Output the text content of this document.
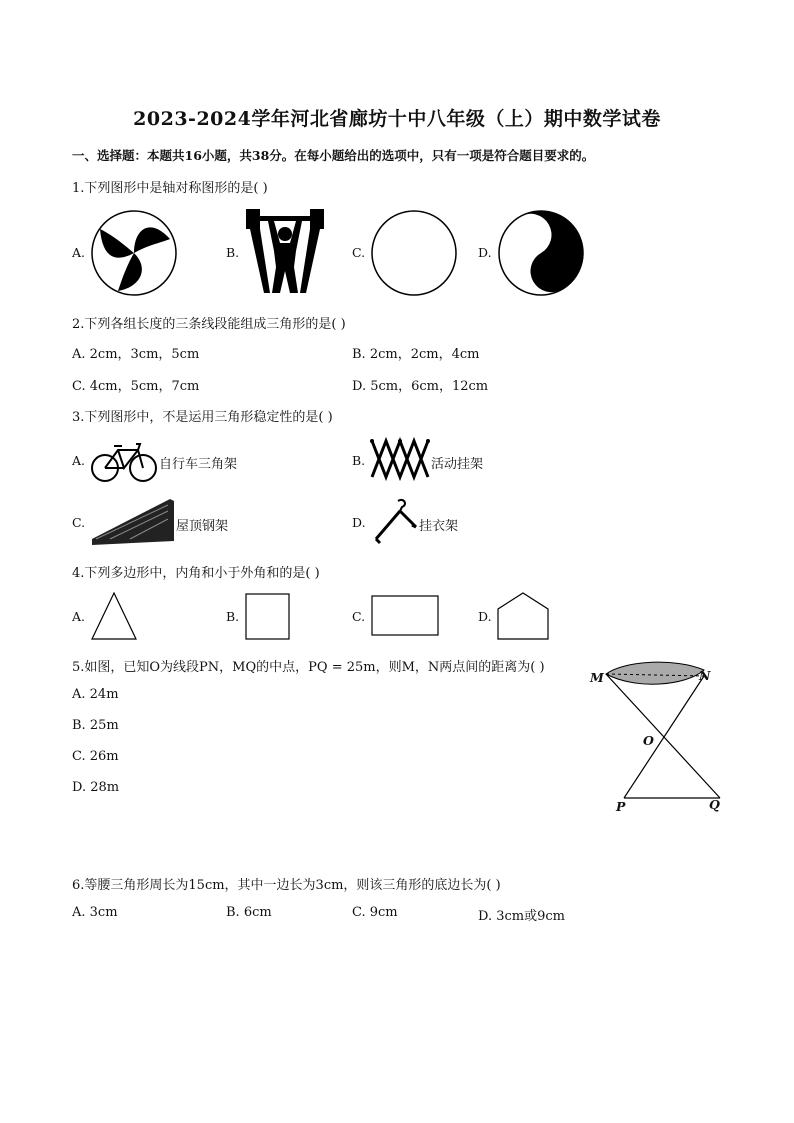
2023-2024学年河北省廊坊十中八年级（上）期中数学试卷
一、选择题：本题共16小题，共38分。在每小题给出的选项中，只有一项是符合题目要求的。
1.下列图形中是轴对称图形的是( )
A.	B.	C.	D.
2.下列各组长度的三条线段能组成三角形的是( )
A. 2cm，3cm，5cm	B. 2cm，2cm，4cm
C. 4cm，5cm，7cm	D. 5cm，6cm，12cm
3.下列图形中，不是运用三角形稳定性的是( )
A.	自行车三角架	B.	活动挂架
C.	屋顶钢架	D.	挂衣架
4.下列多边形中，内角和小于外角和的是( )
A.	B.	C.	D.
5.如图，已知O为线段PN，MQ的中点，PQ = 25m，则M，N两点间的距离为( )
A. 24m
B. 25m
C. 26m
D. 28m
M	N
O
P	Q
6.等腰三角形周长为15cm，其中一边长为3cm，则该三角形的底边长为( )
A. 3cm	B. 6cm	C. 9cm	D. 3cm或9cm
